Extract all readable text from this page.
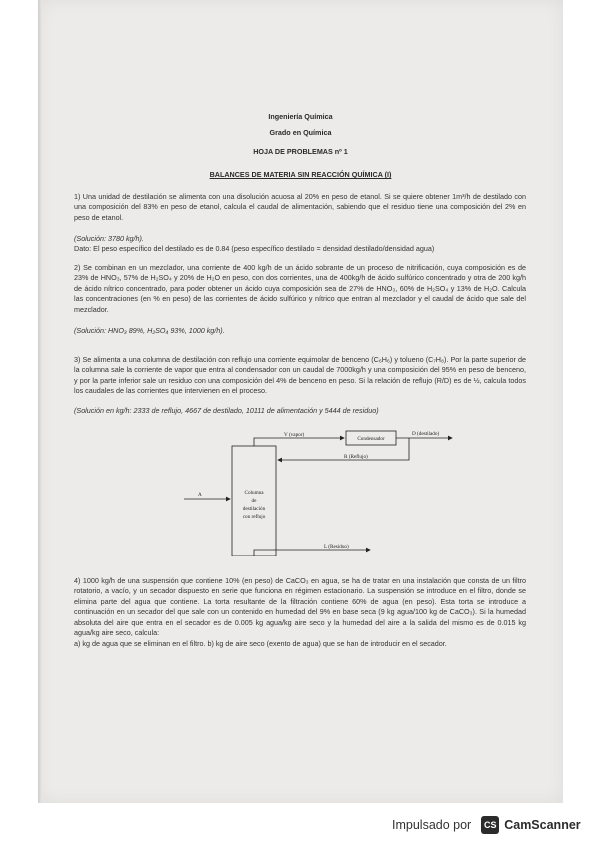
Ingeniería Química
Grado en Química
HOJA DE PROBLEMAS nº 1
BALANCES DE MATERIA SIN REACCIÓN QUÍMICA (I)

1) Una unidad de destilación se alimenta con una disolución acuosa al 20% en peso de etanol. Si se quiere obtener 1m³/h de destilado con una composición del 83% en peso de etanol, calcula el caudal de alimentación, sabiendo que el residuo tiene una composición del 2% en peso de etanol.

(Solución: 3780 kg/h).

Dato: El peso específico del destilado es de 0.84 (peso específico destilado = densidad destilado/densidad agua)

2) Se combinan en un mezclador, una corriente de 400 kg/h de un ácido sobrante de un proceso de nitrificación, cuya composición es de 23% de HNO₃, 57% de H₂SO₄ y 20% de H₂O en peso, con dos corrientes, una de 400kg/h de ácido sulfúrico concentrado y otra de 200 kg/h de ácido nítrico concentrado, para poder obtener un ácido cuya composición sea de 27% de HNO₃, 60% de H₂SO₄ y 13% de H₂O. Calcula las concentraciones (en % en peso) de las corrientes de ácido sulfúrico y nítrico que entran al mezclador y el caudal de ácido que sale del mezclador.

(Solución: HNO₃ 89%, H₂SO₄ 93%, 1000 kg/h).

3) Se alimenta a una columna de destilación con reflujo una corriente equimolar de benceno (C₆H₆) y tolueno (C₇H₈). Por la parte superior de la columna sale la corriente de vapor que entra al condensador con un caudal de 7000kg/h y una composición del 95% en peso de benceno, y por la parte inferior sale un residuo con una composición del 4% de benceno en peso. Si la relación de reflujo (R/D) es de ½, calcula todos los caudales de las corrientes que intervienen en el proceso.

(Solución en kg/h: 2333 de reflujo, 4667 de destilado, 10111 de alimentación y 5444 de residuo)

Columna
de
destilación
con reflujo
Condensador
V (vapor)	D (destilado)
R (Reflujo)
A
L (Residuo)

4) 1000 kg/h de una suspensión que contiene 10% (en peso) de CaCO₃ en agua, se ha de tratar en una instalación que consta de un filtro rotatorio, a vacío, y un secador dispuesto en serie que funciona en régimen estacionario. La suspensión se introduce en el filtro, donde se elimina parte del agua que contiene. La torta resultante de la filtración contiene 60% de agua (en peso). Esta torta se introduce a continuación en un secador del que sale con un contenido en humedad del 9% en base seca (9 kg agua/100 kg de CaCO₃). Si la humedad absoluta del aire que entra en el secador es de 0.005 kg agua/kg aire seco y la humedad del aire a la salida del mismo es de 0.015 kg agua/kg aire seco, calcula:

a) kg de agua que se eliminan en el filtro. b) kg de aire seco (exento de agua) que se han de introducir en el secador.

Impulsado por	CS CamScanner
